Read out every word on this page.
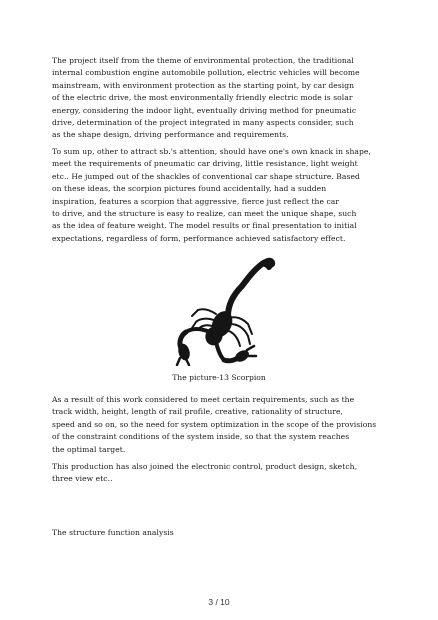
The project itself from the theme of environmental protection, the traditional
internal combustion engine automobile pollution, electric vehicles will become
mainstream, with environment protection as the starting point, by car design
of the electric drive, the most environmentally friendly electric mode is solar
energy, considering the indoor light, eventually driving method for pneumatic
drive, determination of the project integrated in many aspects consider, such
as the shape design, driving performance and requirements.

To sum up, other to attract sb.'s attention, should have one's own knack in shape,
meet the requirements of pneumatic car driving, little resistance, light weight
etc.. He jumped out of the shackles of conventional car shape structure. Based
on these ideas, the scorpion pictures found accidentally, had a sudden
inspiration, features a scorpion that aggressive, fierce just reflect the car
to drive, and the structure is easy to realize, can meet the unique shape, such
as the idea of feature weight. The model results or final presentation to initial
expectations, regardless of form, performance achieved satisfactory effect.

The picture-13 Scorpion

As a result of this work considered to meet certain requirements, such as the
track width, height, length of rail profile, creative, rationality of structure,
speed and so on, so the need for system optimization in the scope of the provisions
of the constraint conditions of the system inside, so that the system reaches
the optimal target.

This production has also joined the electronic control, product design, sketch,
three view etc..

The structure function analysis

3 / 10
